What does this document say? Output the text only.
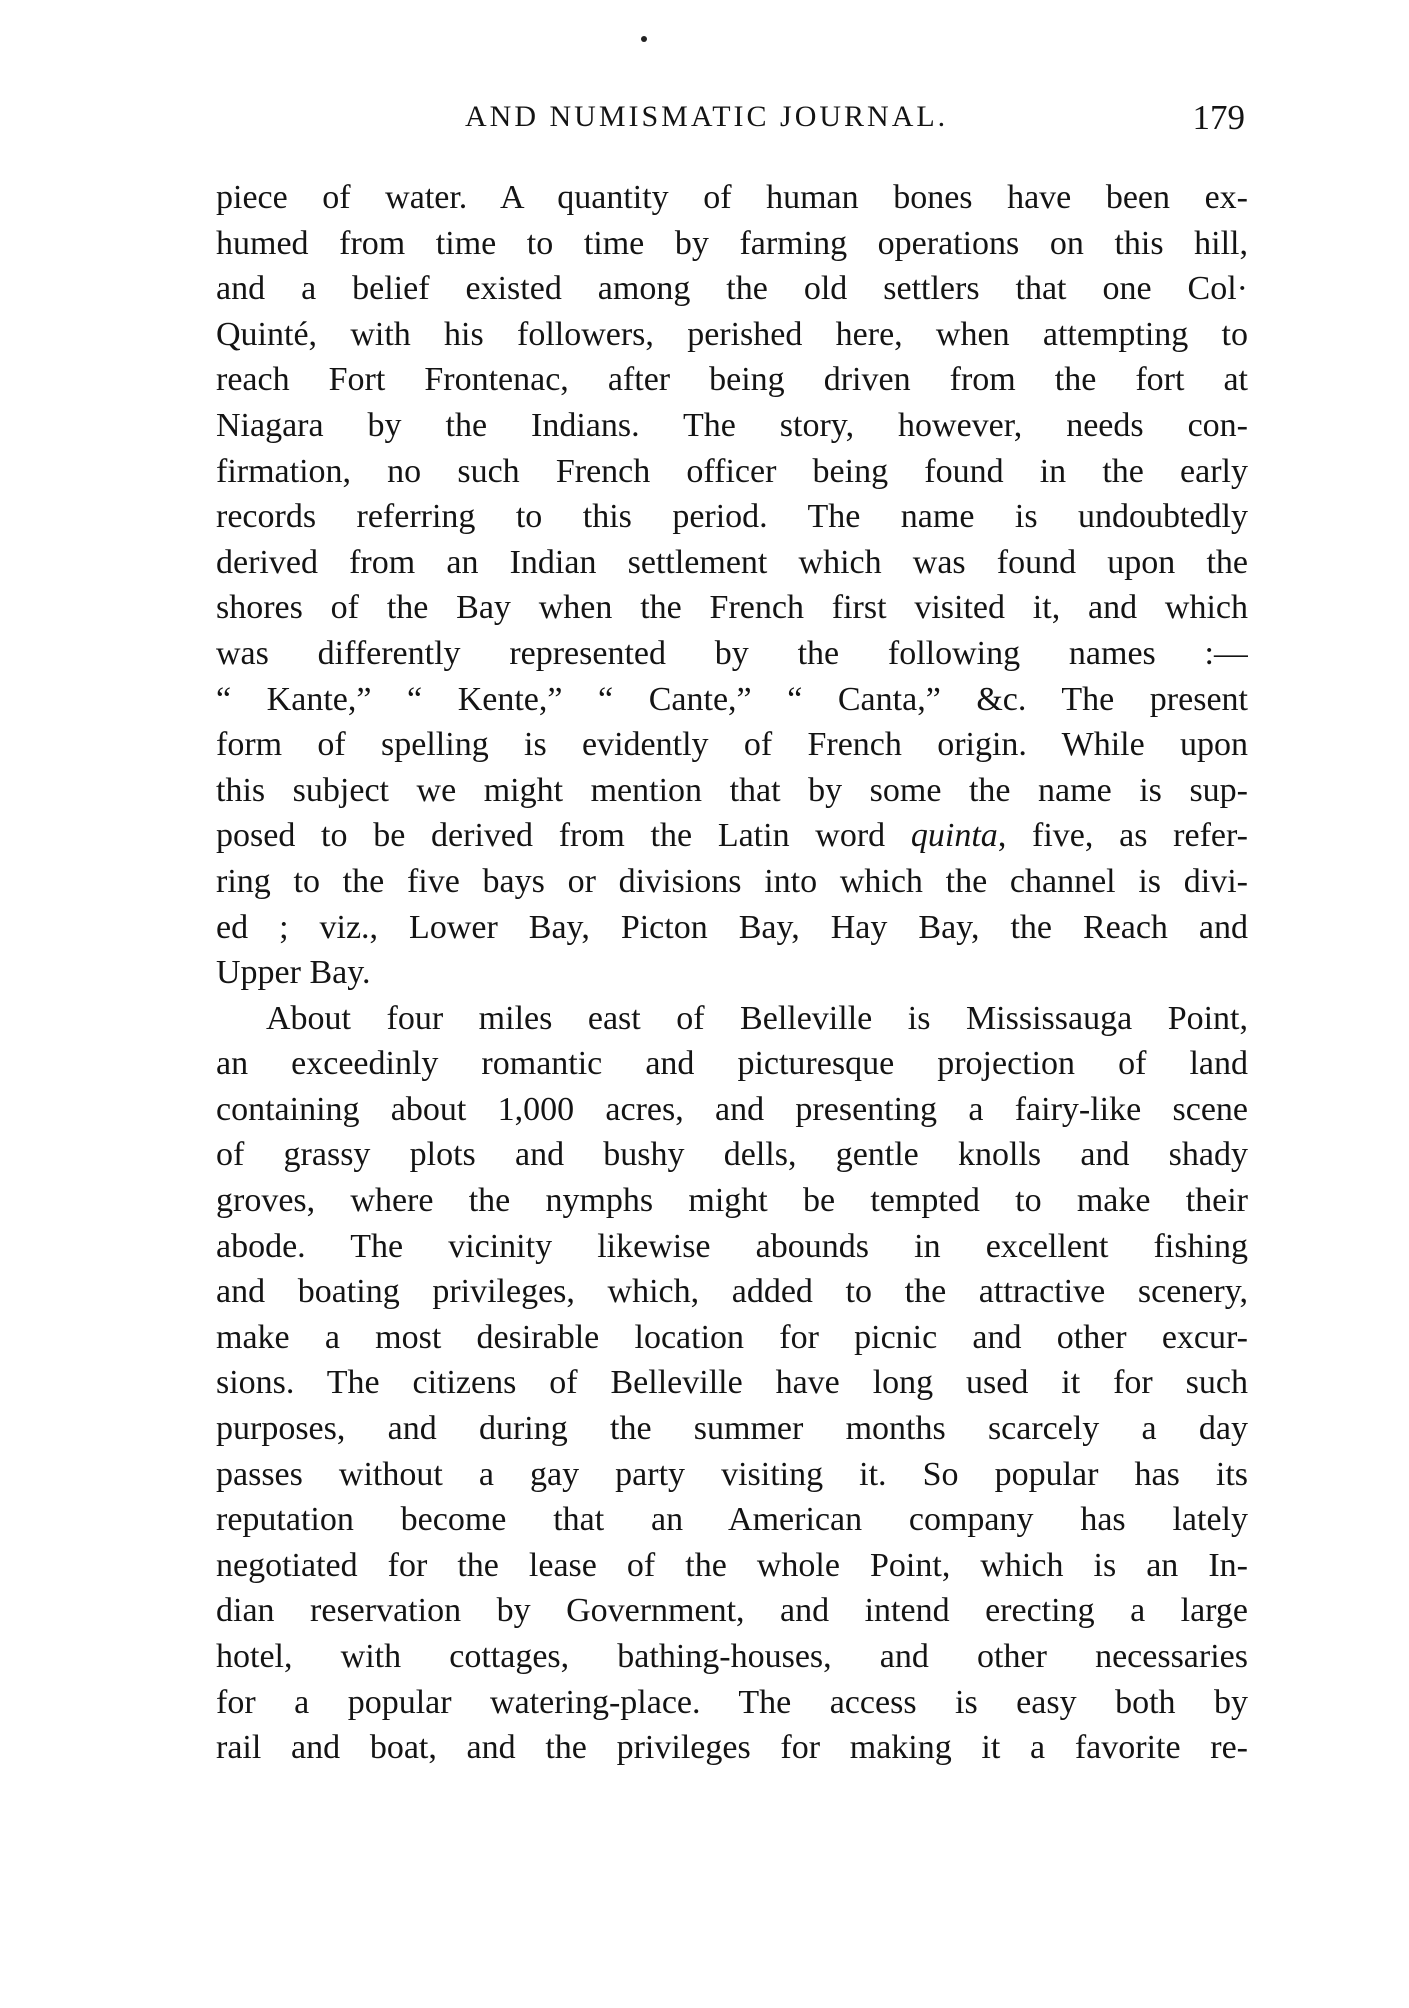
AND NUMISMATIC JOURNAL.	179
piece of water. A quantity of human bones have been ex-
humed from time to time by farming operations on this hill,
and a belief existed among the old settlers that one Col·
Quinté, with his followers, perished here, when attempting to
reach Fort Frontenac, after being driven from the fort at
Niagara by the Indians. The story, however, needs con-
firmation, no such French officer being found in the early
records referring to this period. The name is undoubtedly
derived from an Indian settlement which was found upon the
shores of the Bay when the French first visited it, and which
was differently represented by the following names :—
“ Kante,” “ Kente,” “ Cante,” “ Canta,” &c. The present
form of spelling is evidently of French origin. While upon
this subject we might mention that by some the name is sup-
posed to be derived from the Latin word quinta, five, as refer-
ring to the five bays or divisions into which the channel is divi-
ed ; viz., Lower Bay, Picton Bay, Hay Bay, the Reach and
Upper Bay.
About four miles east of Belleville is Mississauga Point,
an exceedinly romantic and picturesque projection of land
containing about 1,000 acres, and presenting a fairy-like scene
of grassy plots and bushy dells, gentle knolls and shady
groves, where the nymphs might be tempted to make their
abode. The vicinity likewise abounds in excellent fishing
and boating privileges, which, added to the attractive scenery,
make a most desirable location for picnic and other excur-
sions. The citizens of Belleville have long used it for such
purposes, and during the summer months scarcely a day
passes without a gay party visiting it. So popular has its
reputation become that an American company has lately
negotiated for the lease of the whole Point, which is an In-
dian reservation by Government, and intend erecting a large
hotel, with cottages, bathing-houses, and other necessaries
for a popular watering-place. The access is easy both by
rail and boat, and the privileges for making it a favorite re-
